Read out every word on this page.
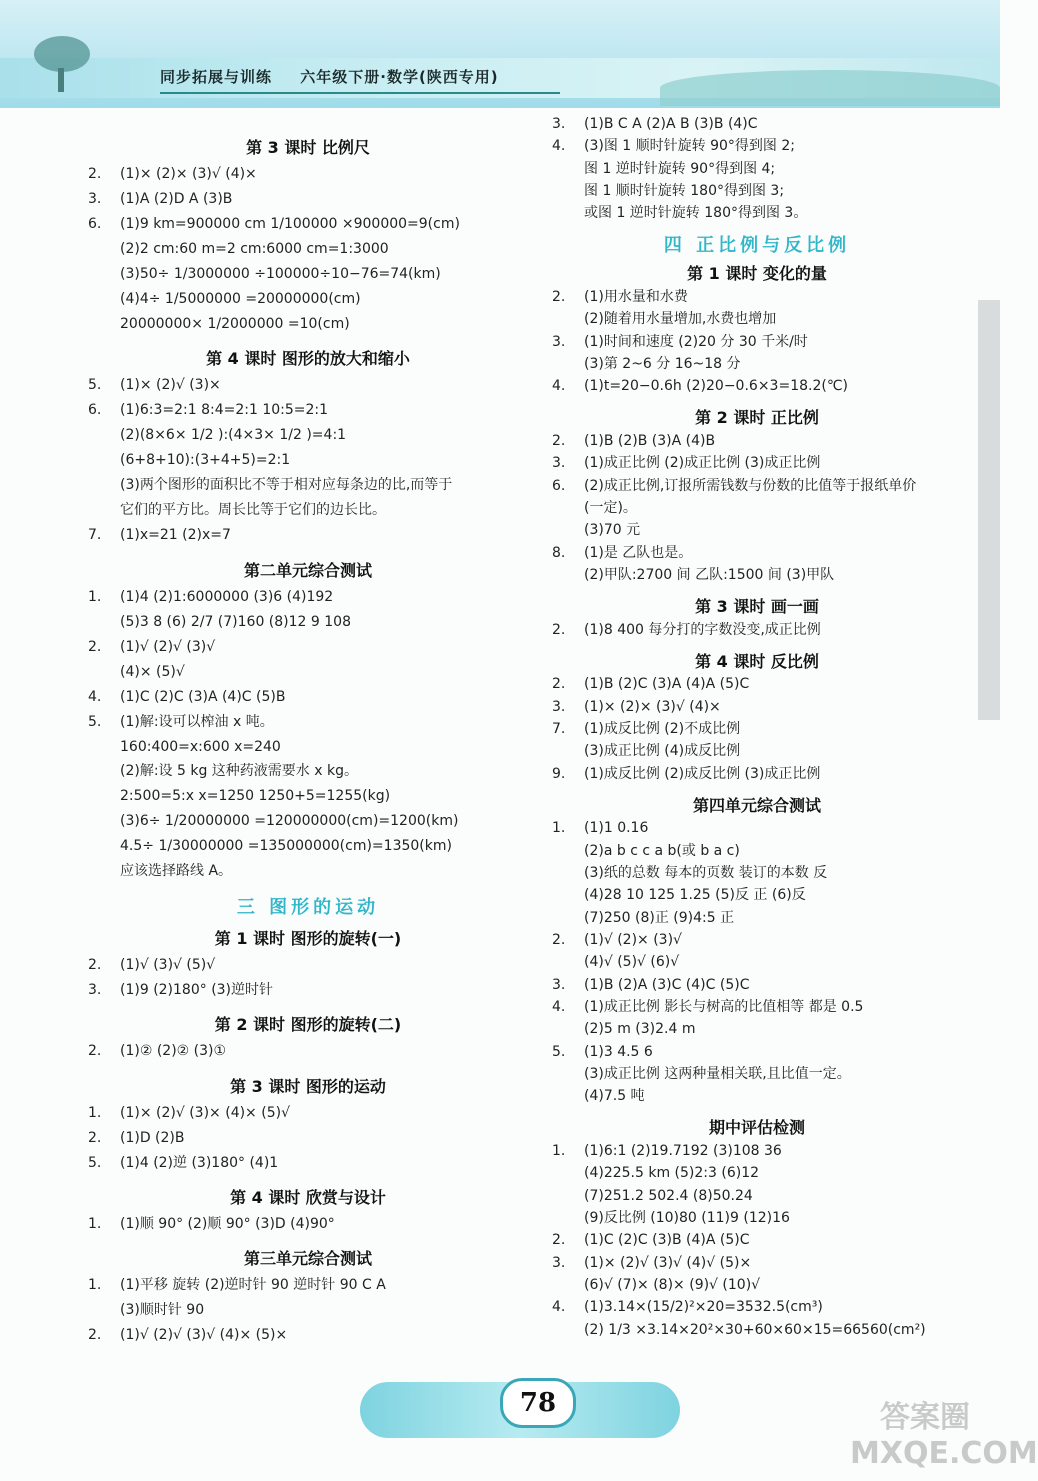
同步拓展与训练 六年级下册·数学(陕西专用)
第 3 课时 比例尺
2. (1)× (2)× (3)√ (4)×
3. (1)A (2)D A (3)B
6. (1)9 km=900000 cm 1/100000 ×900000=9(cm)
(2)2 cm:60 m=2 cm:6000 cm=1:3000
(3)50÷ 1/3000000 ÷100000÷10−76=74(km)
(4)4÷ 1/5000000 =20000000(cm)
20000000× 1/2000000 =10(cm)
第 4 课时 图形的放大和缩小
5. (1)× (2)√ (3)×
6. (1)6:3=2:1 8:4=2:1 10:5=2:1
(2)(8×6× 1/2 ):(4×3× 1/2 )=4:1
(6+8+10):(3+4+5)=2:1
(3)两个图形的面积比不等于相对应每条边的比,而等于
它们的平方比。周长比等于它们的边长比。
7. (1)x=21 (2)x=7
第二单元综合测试
1. (1)4 (2)1:6000000 (3)6 (4)192
(5)3 8 (6) 2/7 (7)160 (8)12 9 108
2. (1)√ (2)√ (3)√
(4)× (5)√
4. (1)C (2)C (3)A (4)C (5)B
5. (1)解:设可以榨油 x 吨。
160:400=x:600 x=240
(2)解:设 5 kg 这种药液需要水 x kg。
2:500=5:x x=1250 1250+5=1255(kg)
(3)6÷ 1/20000000 =120000000(cm)=1200(km)
4.5÷ 1/30000000 =135000000(cm)=1350(km)
应该选择路线 A。
三 图形的运动
第 1 课时 图形的旋转(一)
2. (1)√ (3)√ (5)√
3. (1)9 (2)180° (3)逆时针
第 2 课时 图形的旋转(二)
2. (1)② (2)② (3)①
第 3 课时 图形的运动
1. (1)× (2)√ (3)× (4)× (5)√
2. (1)D (2)B
5. (1)4 (2)逆 (3)180° (4)1
第 4 课时 欣赏与设计
1. (1)顺 90° (2)顺 90° (3)D (4)90°
第三单元综合测试
1. (1)平移 旋转 (2)逆时针 90 逆时针 90 C A
(3)顺时针 90
2. (1)√ (2)√ (3)√ (4)× (5)×
3. (1)B C A (2)A B (3)B (4)C
4. (3)图 1 顺时针旋转 90°得到图 2;
图 1 逆时针旋转 90°得到图 4;
图 1 顺时针旋转 180°得到图 3;
或图 1 逆时针旋转 180°得到图 3。
四 正比例与反比例
第 1 课时 变化的量
2. (1)用水量和水费
(2)随着用水量增加,水费也增加
3. (1)时间和速度 (2)20 分 30 千米/时
(3)第 2~6 分 16~18 分
4. (1)t=20−0.6h (2)20−0.6×3=18.2(℃)
第 2 课时 正比例
2. (1)B (2)B (3)A (4)B
3. (1)成正比例 (2)成正比例 (3)成正比例
6. (2)成正比例,订报所需钱数与份数的比值等于报纸单价
(一定)。
(3)70 元
8. (1)是 乙队也是。
(2)甲队:2700 间 乙队:1500 间 (3)甲队
第 3 课时 画一画
2. (1)8 400 每分打的字数没变,成正比例
第 4 课时 反比例
2. (1)B (2)C (3)A (4)A (5)C
3. (1)× (2)× (3)√ (4)×
7. (1)成反比例 (2)不成比例
(3)成正比例 (4)成反比例
9. (1)成反比例 (2)成反比例 (3)成正比例
第四单元综合测试
1. (1)1 0.16
(2)a b c c a b(或 b a c)
(3)纸的总数 每本的页数 装订的本数 反
(4)28 10 125 1.25 (5)反 正 (6)反
(7)250 (8)正 (9)4:5 正
2. (1)√ (2)× (3)√
(4)√ (5)√ (6)√
3. (1)B (2)A (3)C (4)C (5)C
4. (1)成正比例 影长与树高的比值相等 都是 0.5
(2)5 m (3)2.4 m
5. (1)3 4.5 6
(3)成正比例 这两种量相关联,且比值一定。
(4)7.5 吨
期中评估检测
1. (1)6:1 (2)19.7192 (3)108 36
(4)225.5 km (5)2:3 (6)12
(7)251.2 502.4 (8)50.24
(9)反比例 (10)80 (11)9 (12)16
2. (1)C (2)C (3)B (4)A (5)C
3. (1)× (2)√ (3)√ (4)√ (5)×
(6)√ (7)× (8)× (9)√ (10)√
4. (1)3.14×(15/2)²×20=3532.5(cm³)
(2) 1/3 ×3.14×20²×30+60×60×15=66560(cm²)
78	答案圈 MXQE.COM
